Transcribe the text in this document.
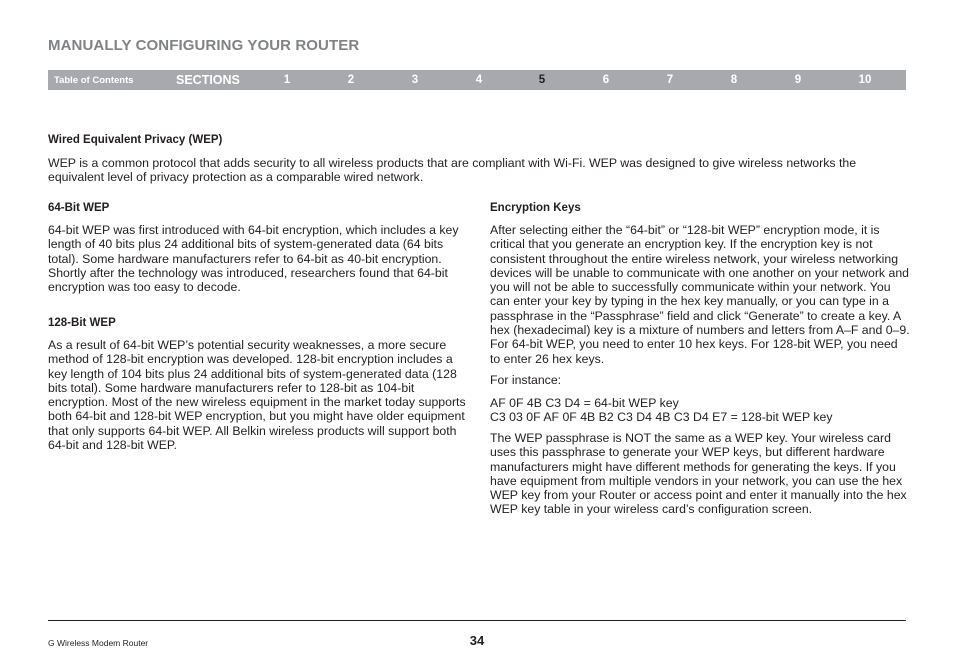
MANUALLY CONFIGURING YOUR ROUTER
Table of Contents	SECTIONS	1	2	3	4	5	6	7	8	9	10
Wired Equivalent Privacy (WEP)
WEP is a common protocol that adds security to all wireless products that are compliant with Wi-Fi. WEP was designed to give wireless networks the equivalent level of privacy protection as a comparable wired network.
64-Bit WEP
64-bit WEP was first introduced with 64-bit encryption, which includes a key length of 40 bits plus 24 additional bits of system-generated data (64 bits total). Some hardware manufacturers refer to 64-bit as 40-bit encryption. Shortly after the technology was introduced, researchers found that 64-bit encryption was too easy to decode.
128-Bit WEP
As a result of 64-bit WEP’s potential security weaknesses, a more secure method of 128-bit encryption was developed. 128-bit encryption includes a key length of 104 bits plus 24 additional bits of system-generated data (128 bits total). Some hardware manufacturers refer to 128-bit as 104-bit encryption. Most of the new wireless equipment in the market today supports both 64-bit and 128-bit WEP encryption, but you might have older equipment that only supports 64-bit WEP. All Belkin wireless products will support both 64-bit and 128-bit WEP.
Encryption Keys
After selecting either the “64-bit” or “128-bit WEP” encryption mode, it is critical that you generate an encryption key. If the encryption key is not consistent throughout the entire wireless network, your wireless networking devices will be unable to communicate with one another on your network and you will not be able to successfully communicate within your network. You can enter your key by typing in the hex key manually, or you can type in a passphrase in the “Passphrase” field and click “Generate” to create a key. A hex (hexadecimal) key is a mixture of numbers and letters from A–F and 0–9. For 64-bit WEP, you need to enter 10 hex keys. For 128-bit WEP, you need to enter 26 hex keys.
For instance:
AF 0F 4B C3 D4 = 64-bit WEP key
C3 03 0F AF 0F 4B B2 C3 D4 4B C3 D4 E7 = 128-bit WEP key
The WEP passphrase is NOT the same as a WEP key. Your wireless card uses this passphrase to generate your WEP keys, but different hardware manufacturers might have different methods for generating the keys. If you have equipment from multiple vendors in your network, you can use the hex WEP key from your Router or access point and enter it manually into the hex WEP key table in your wireless card’s configuration screen.
G Wireless Modem Router	34
